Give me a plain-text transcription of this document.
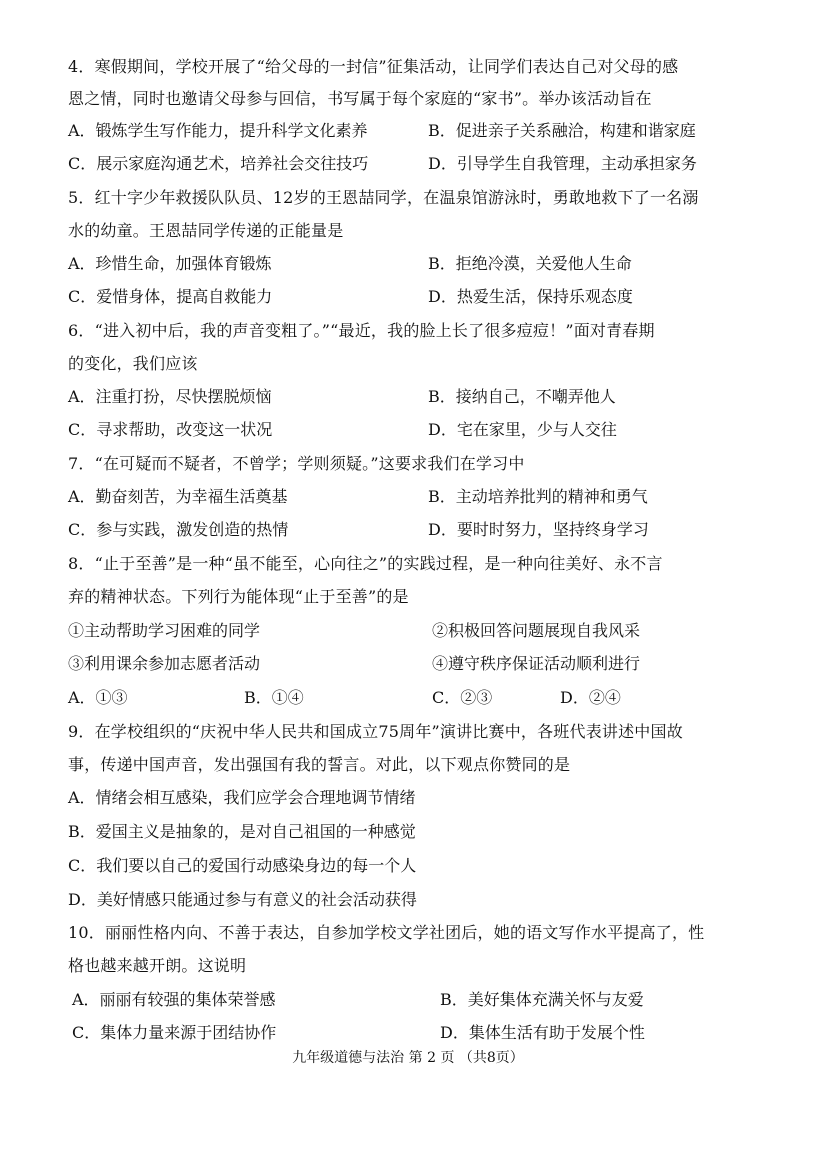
4．寒假期间，学校开展了“给父母的一封信”征集活动，让同学们表达自己对父母的感
恩之情，同时也邀请父母参与回信，书写属于每个家庭的“家书”。举办该活动旨在
A．锻炼学生写作能力，提升科学文化素养	B．促进亲子关系融洽，构建和谐家庭
C．展示家庭沟通艺术，培养社会交往技巧	D．引导学生自我管理，主动承担家务
5．红十字少年救援队队员、12岁的王恩喆同学，在温泉馆游泳时，勇敢地救下了一名溺
水的幼童。王恩喆同学传递的正能量是
A．珍惜生命，加强体育锻炼	B．拒绝冷漠，关爱他人生命
C．爱惜身体，提高自救能力	D．热爱生活，保持乐观态度
6．“进入初中后，我的声音变粗了。”“最近，我的脸上长了很多痘痘！”面对青春期
的变化，我们应该
A．注重打扮，尽快摆脱烦恼	B．接纳自己，不嘲弄他人
C．寻求帮助，改变这一状况	D．宅在家里，少与人交往
7．“在可疑而不疑者，不曾学；学则须疑。”这要求我们在学习中
A．勤奋刻苦，为幸福生活奠基	B．主动培养批判的精神和勇气
C．参与实践，激发创造的热情	D．要时时努力，坚持终身学习
8．“止于至善”是一种“虽不能至，心向往之”的实践过程，是一种向往美好、永不言
弃的精神状态。下列行为能体现“止于至善”的是
①主动帮助学习困难的同学	②积极回答问题展现自我风采
③利用课余参加志愿者活动	④遵守秩序保证活动顺利进行
A．①③	B．①④	C．②③	D．②④
9．在学校组织的“庆祝中华人民共和国成立75周年”演讲比赛中，各班代表讲述中国故
事，传递中国声音，发出强国有我的誓言。对此，以下观点你赞同的是
A．情绪会相互感染，我们应学会合理地调节情绪
B．爱国主义是抽象的，是对自己祖国的一种感觉
C．我们要以自己的爱国行动感染身边的每一个人
D．美好情感只能通过参与有意义的社会活动获得
10．丽丽性格内向、不善于表达，自参加学校文学社团后，她的语文写作水平提高了，性
格也越来越开朗。这说明
A．丽丽有较强的集体荣誉感	B．美好集体充满关怀与友爱
C．集体力量来源于团结协作	D．集体生活有助于发展个性
九年级道德与法治 第 2 页 （共8页）
